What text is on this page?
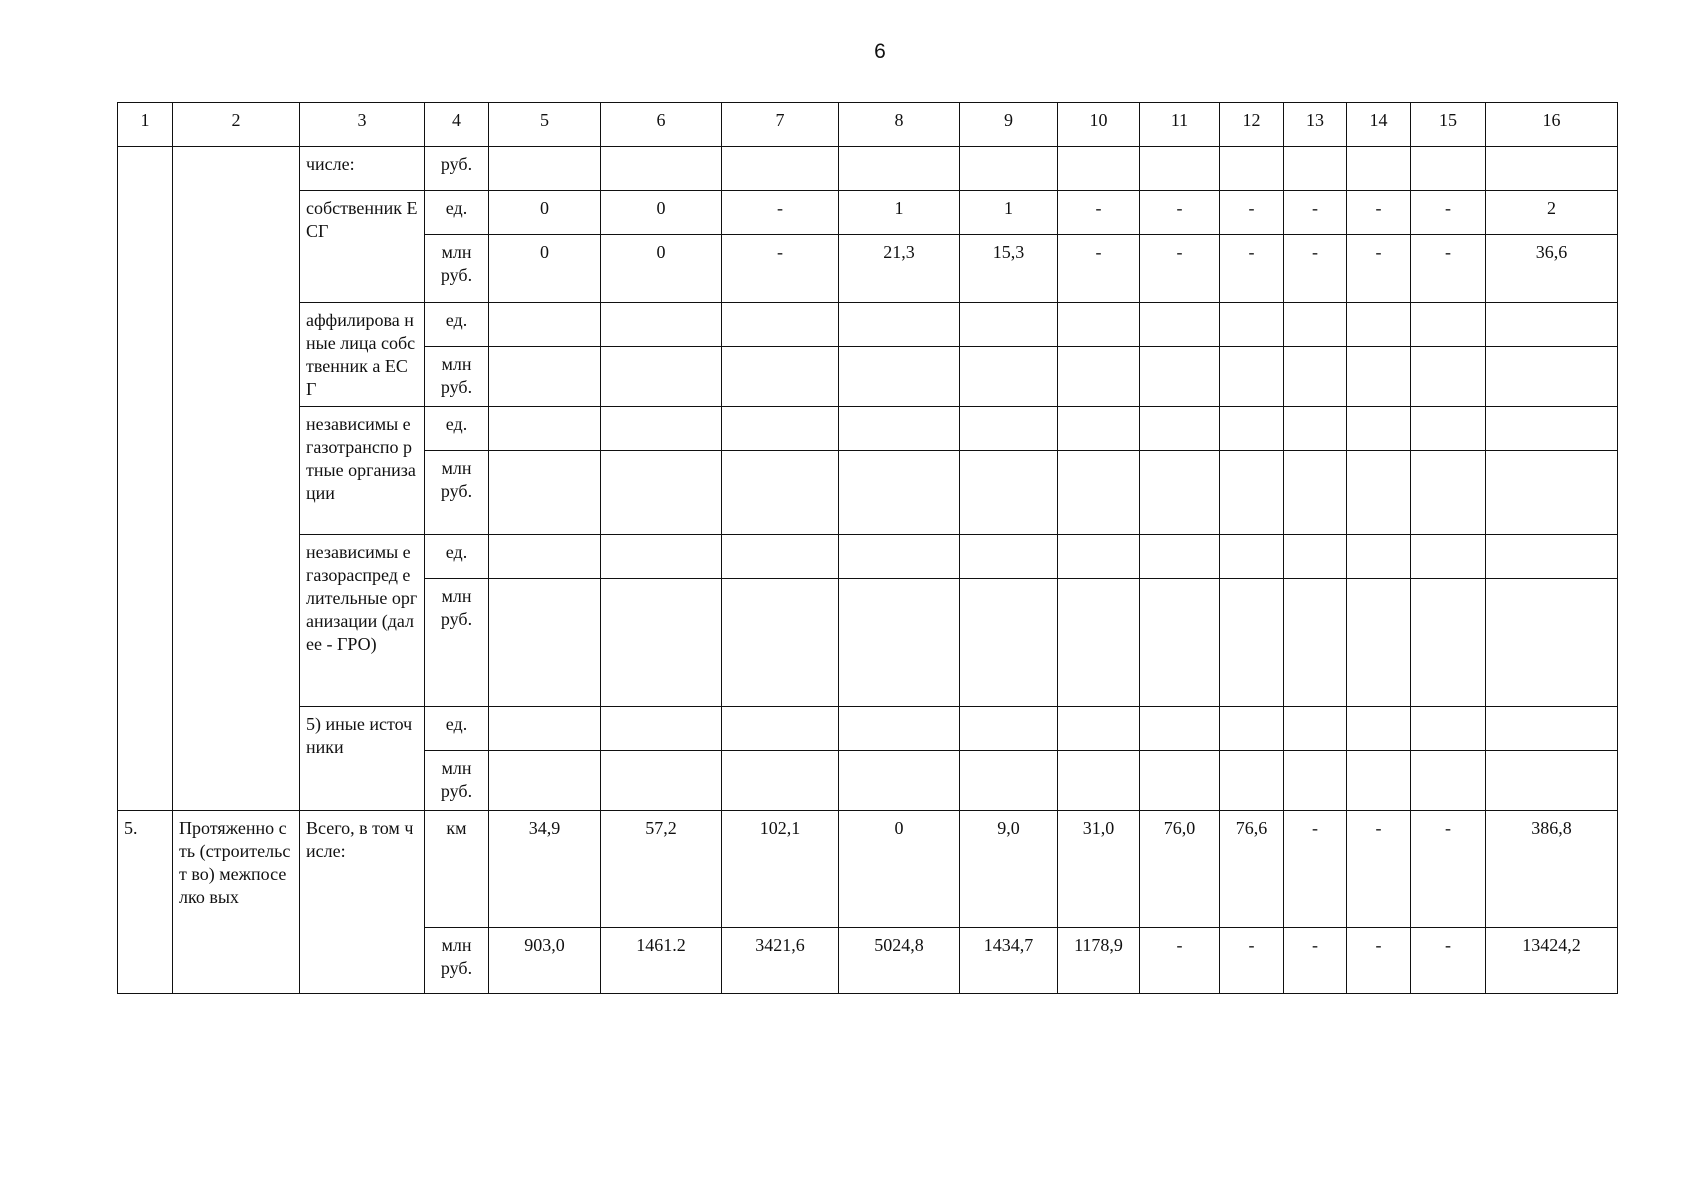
6
1	2	3	4	5	6	7	8	9	10	11	12	13	14	15	16
		числе:	руб.												
		собственник ЕСГ	ед.	0	0	-	1	1	-	-	-	-	-	-	2
			млн руб.	0	0	-	21,3	15,3	-	-	-	-	-	-	36,6
		аффилирова нные лица собственник а ЕСГ	ед.												
			млн руб.												
		независимы е газотранспо ртные организации	ед.												
			млн руб.												
		независимы е газораспред елительные организации (далее - ГРО)	ед.												
			млн руб.												
		5) иные источники	ед.												
			млн руб.												
5.	Протяженно сть (строительст во) межпоселко вых	Всего, в том числе:	км	34,9	57,2	102,1	0	9,0	31,0	76,0	76,6	-	-	-	386,8
			млн руб.	903,0	1461.2	3421,6	5024,8	1434,7	1178,9	-	-	-	-	-	13424,2
